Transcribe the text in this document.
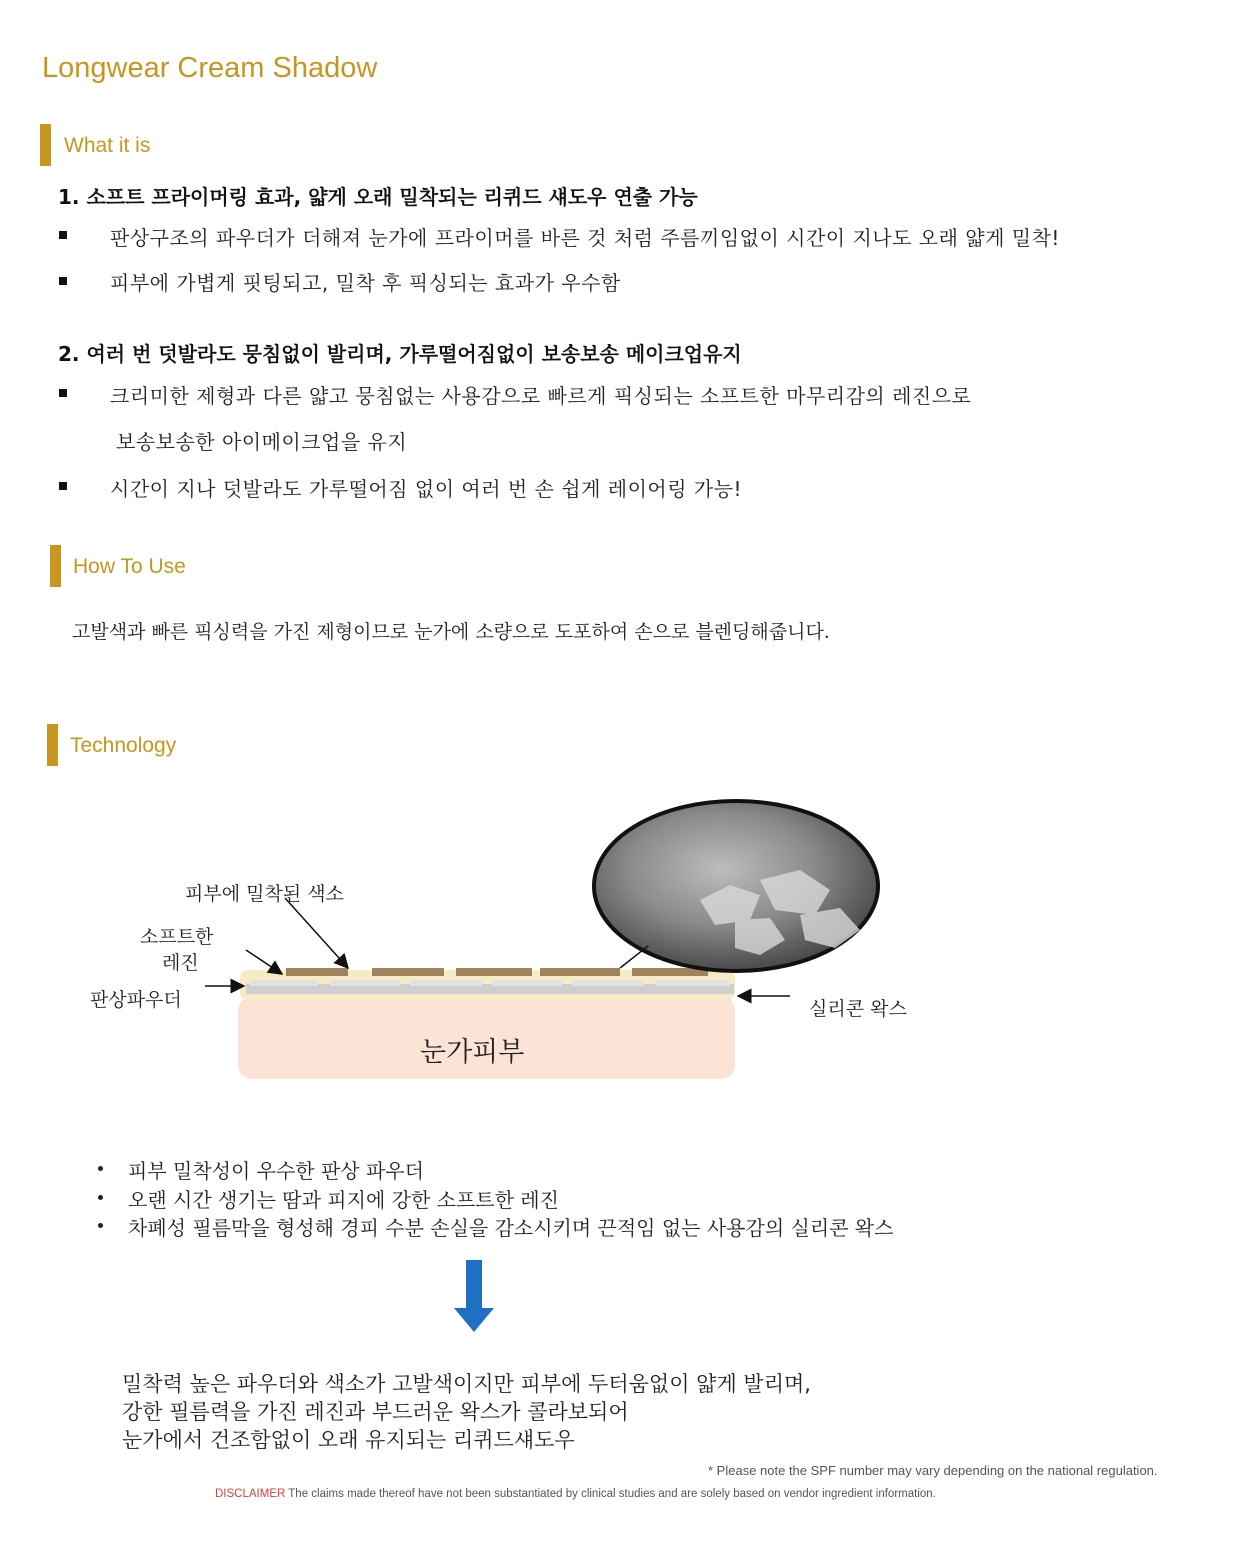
Longwear Cream Shadow
What it is
1. 소프트 프라이머링 효과, 얇게 오래 밀착되는 리퀴드 섀도우 연출 가능
판상구조의 파우더가 더해져 눈가에 프라이머를 바른 것 처럼 주름끼임없이 시간이 지나도 오래 얇게 밀착!
피부에 가볍게 핏팅되고, 밀착 후 픽싱되는 효과가 우수함
2. 여러 번 덧발라도 뭉침없이 발리며, 가루떨어짐없이 보송보송 메이크업유지
크리미한 제형과 다른 얇고 뭉침없는 사용감으로 빠르게 픽싱되는 소프트한 마무리감의 레진으로
보송보송한 아이메이크업을 유지
시간이 지나 덧발라도 가루떨어짐 없이 여러 번 손 쉽게 레이어링 가능!
How To Use
고발색과 빠른 픽싱력을 가진 제형이므로 눈가에 소량으로 도포하여 손으로 블렌딩해줍니다.
Technology
피부에 밀착된 색소
소프트한
레진
판상파우더	실리콘 왁스
눈가피부
피부 밀착성이 우수한 판상 파우더
오랜 시간 생기는 땀과 피지에 강한 소프트한 레진
차폐성 필름막을 형성해 경피 수분 손실을 감소시키며 끈적임 없는 사용감의 실리콘 왁스
밀착력 높은 파우더와 색소가 고발색이지만 피부에 두터움없이 얇게 발리며,
강한 필름력을 가진 레진과 부드러운 왁스가 콜라보되어
눈가에서 건조함없이 오래 유지되는 리퀴드섀도우
* Please note the SPF number may vary depending on the national regulation.
DISCLAIMER The claims made thereof have not been substantiated by clinical studies and are solely based on vendor ingredient information.
